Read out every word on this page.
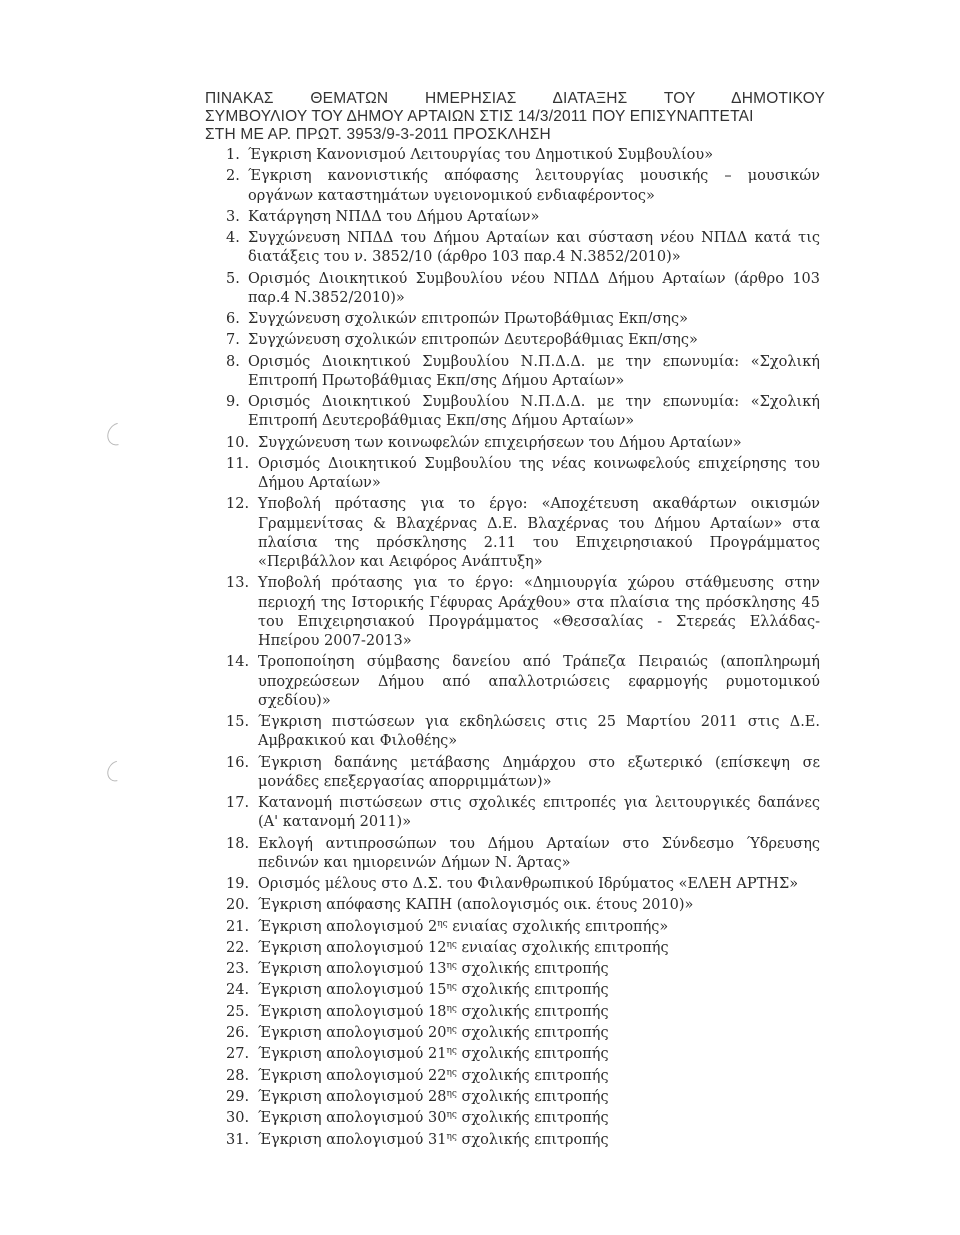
ΠΙΝΑΚΑΣ ΘΕΜΑΤΩΝ ΗΜΕΡΗΣΙΑΣ ΔΙΑΤΑΞΗΣ ΤΟΥ ΔΗΜΟΤΙΚΟΥ
ΣΥΜΒΟΥΛΙΟΥ ΤΟΥ ΔΗΜΟΥ ΑΡΤΑΙΩΝ ΣΤΙΣ 14/3/2011 ΠΟΥ ΕΠΙΣΥΝΑΠΤΕΤΑΙ
ΣΤΗ ΜΕ ΑΡ. ΠΡΩΤ. 3953/9-3-2011 ΠΡΟΣΚΛΗΣΗ
1. Έγκριση Κανονισμού Λειτουργίας του Δημοτικού Συμβουλίου»
2. Έγκριση κανονιστικής απόφασης λειτουργίας μουσικής – μουσικών οργάνων καταστημάτων υγειονομικού ενδιαφέροντος»
3. Κατάργηση ΝΠΔΔ του Δήμου Αρταίων»
4. Συγχώνευση ΝΠΔΔ του Δήμου Αρταίων και σύσταση νέου ΝΠΔΔ κατά τις διατάξεις του ν. 3852/10 (άρθρο 103 παρ.4 Ν.3852/2010)»
5. Ορισμός Διοικητικού Συμβουλίου νέου ΝΠΔΔ Δήμου Αρταίων (άρθρο 103 παρ.4 Ν.3852/2010)»
6. Συγχώνευση σχολικών επιτροπών Πρωτοβάθμιας Εκπ/σης»
7. Συγχώνευση σχολικών επιτροπών Δευτεροβάθμιας Εκπ/σης»
8. Ορισμός Διοικητικού Συμβουλίου Ν.Π.Δ.Δ. με την επωνυμία: «Σχολική Επιτροπή Πρωτοβάθμιας Εκπ/σης Δήμου Αρταίων»
9. Ορισμός Διοικητικού Συμβουλίου Ν.Π.Δ.Δ. με την επωνυμία: «Σχολική Επιτροπή Δευτεροβάθμιας Εκπ/σης Δήμου Αρταίων»
10. Συγχώνευση των κοινωφελών επιχειρήσεων του Δήμου Αρταίων»
11. Ορισμός Διοικητικού Συμβουλίου της νέας κοινωφελούς επιχείρησης του Δήμου Αρταίων»
12. Υποβολή πρότασης για το έργο: «Αποχέτευση ακαθάρτων οικισμών Γραμμενίτσας & Βλαχέρνας Δ.Ε. Βλαχέρνας του Δήμου Αρταίων» στα πλαίσια της πρόσκλησης 2.11 του Επιχειρησιακού Προγράμματος «Περιβάλλον και Αειφόρος Ανάπτυξη»
13. Υποβολή πρότασης για το έργο: «Δημιουργία χώρου στάθμευσης στην περιοχή της Ιστορικής Γέφυρας Αράχθου» στα πλαίσια της πρόσκλησης 45 του Επιχειρησιακού Προγράμματος «Θεσσαλίας - Στερεάς Ελλάδας-Ηπείρου 2007-2013»
14. Τροποποίηση σύμβασης δανείου από Τράπεζα Πειραιώς (αποπληρωμή υποχρεώσεων Δήμου από απαλλοτριώσεις εφαρμογής ρυμοτομικού σχεδίου)»
15. Έγκριση πιστώσεων για εκδηλώσεις στις 25 Μαρτίου 2011 στις Δ.Ε. Αμβρακικού και Φιλοθέης»
16. Έγκριση δαπάνης μετάβασης Δημάρχου στο εξωτερικό (επίσκεψη σε μονάδες επεξεργασίας απορριμμάτων)»
17. Κατανομή πιστώσεων στις σχολικές επιτροπές για λειτουργικές δαπάνες (Α' κατανομή 2011)»
18. Εκλογή αντιπροσώπων του Δήμου Αρταίων στο Σύνδεσμο Ύδρευσης πεδινών και ημιορεινών Δήμων Ν. Άρτας»
19. Ορισμός μέλους στο Δ.Σ. του Φιλανθρωπικού Ιδρύματος «ΕΛΕΗ ΑΡΤΗΣ»
20. Έγκριση απόφασης ΚΑΠΗ (απολογισμός οικ. έτους 2010)»
21. Έγκριση απολογισμού $2^{\eta\varsigma}$ ενιαίας σχολικής επιτροπής»
22. Έγκριση απολογισμού $12^{\eta\varsigma}$ ενιαίας σχολικής επιτροπής
23. Έγκριση απολογισμού $13^{\eta\varsigma}$ σχολικής επιτροπής
24. Έγκριση απολογισμού $15^{\eta\varsigma}$ σχολικής επιτροπής
25. Έγκριση απολογισμού $18^{\eta\varsigma}$ σχολικής επιτροπής
26. Έγκριση απολογισμού $20^{\eta\varsigma}$ σχολικής επιτροπής
27. Έγκριση απολογισμού $21^{\eta\varsigma}$ σχολικής επιτροπής
28. Έγκριση απολογισμού $22^{\eta\varsigma}$ σχολικής επιτροπής
29. Έγκριση απολογισμού $28^{\eta\varsigma}$ σχολικής επιτροπής
30. Έγκριση απολογισμού $30^{\eta\varsigma}$ σχολικής επιτροπής
31. Έγκριση απολογισμού $31^{\eta\varsigma}$ σχολικής επιτροπής
